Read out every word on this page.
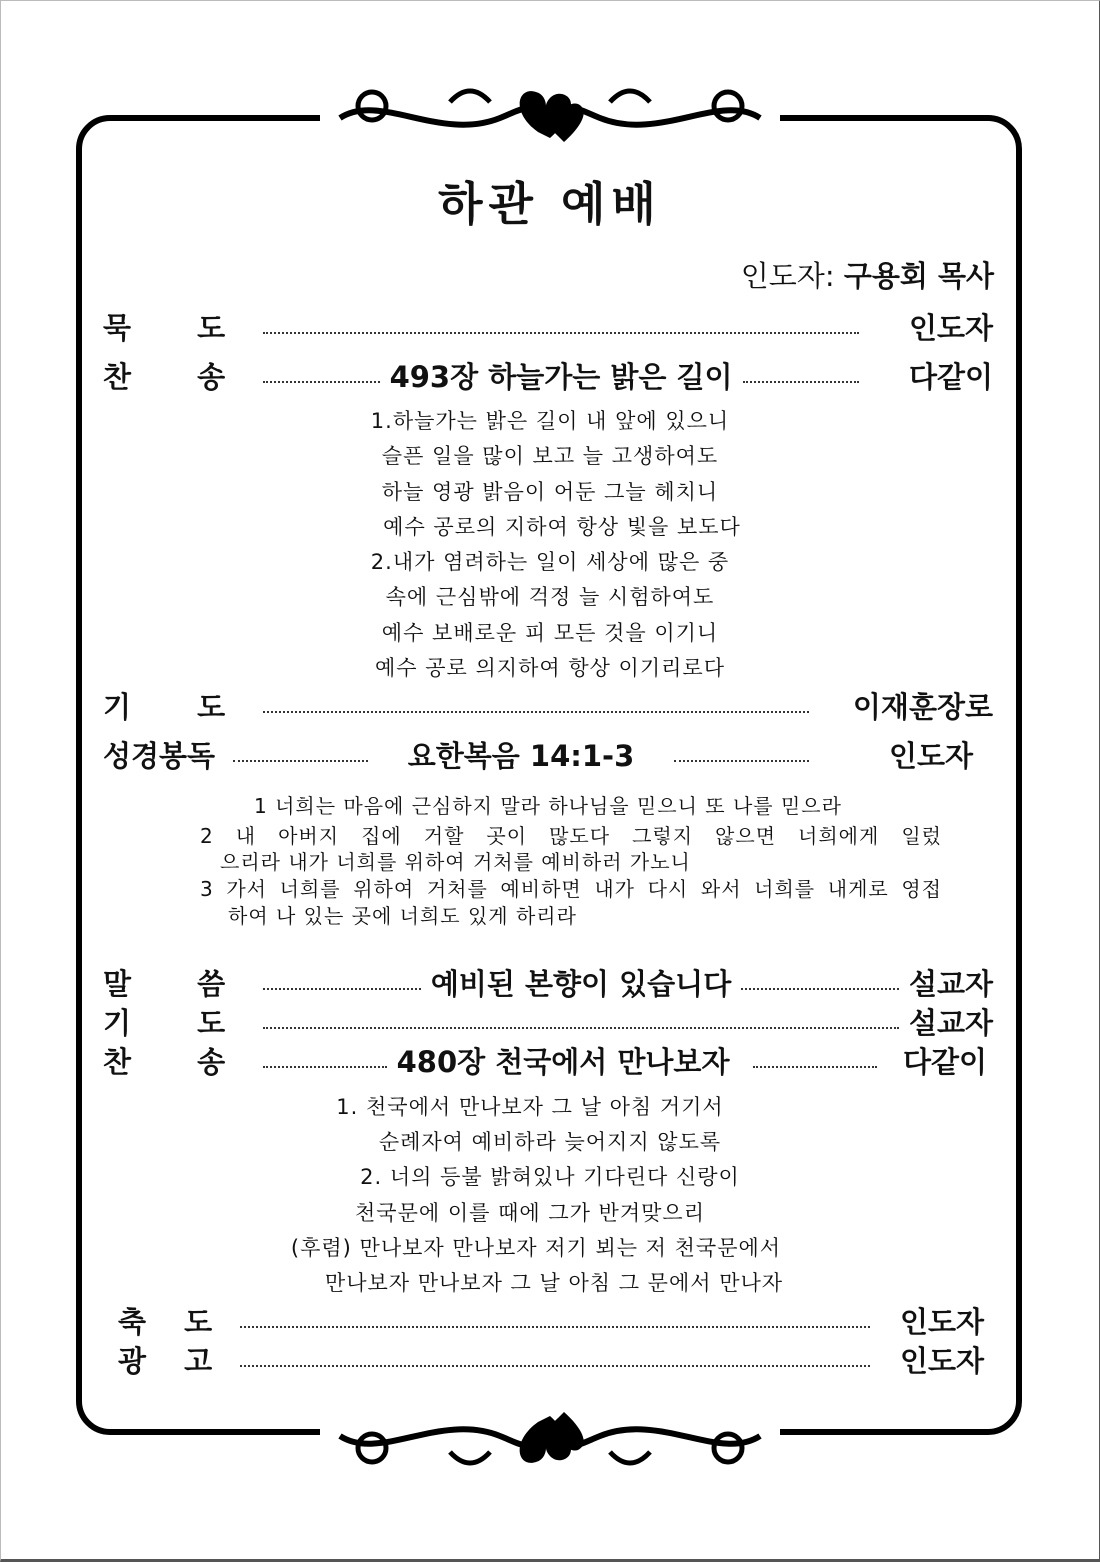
하관 예배
인도자: 구용회 목사
묵 도	인도자
찬 송	493장 하늘가는 밝은 길이	다같이
1.하늘가는 밝은 길이 내 앞에 있으니
슬픈 일을 많이 보고 늘 고생하여도
하늘 영광 밝음이 어둔 그늘 헤치니
예수 공로의 지하여 항상 빛을 보도다
2.내가 염려하는 일이 세상에 많은 중
속에 근심밖에 걱정 늘 시험하여도
예수 보배로운 피 모든 것을 이기니
예수 공로 의지하여 항상 이기리로다
기 도	이재훈장로
성경봉독	요한복음 14:1-3	인도자
1 너희는 마음에 근심하지 말라 하나님을 믿으니 또 나를 믿으라
2 내 아버지 집에 거할 곳이 많도다 그렇지 않으면 너희에게 일렀
으리라 내가 너희를 위하여 거처를 예비하러 가노니
3 가서 너희를 위하여 거처를 예비하면 내가 다시 와서 너희를 내게로 영접
하여 나 있는 곳에 너희도 있게 하리라
말 씀	예비된 본향이 있습니다	설교자
기 도	설교자
찬 송	480장 천국에서 만나보자	다같이
1. 천국에서 만나보자 그 날 아침 거기서
순례자여 예비하라 늦어지지 않도록
2. 너의 등불 밝혀있나 기다린다 신랑이
천국문에 이를 때에 그가 반겨맞으리
(후렴) 만나보자 만나보자 저기 뵈는 저 천국문에서
만나보자 만나보자 그 날 아침 그 문에서 만나자
축 도	인도자
광 고	인도자
